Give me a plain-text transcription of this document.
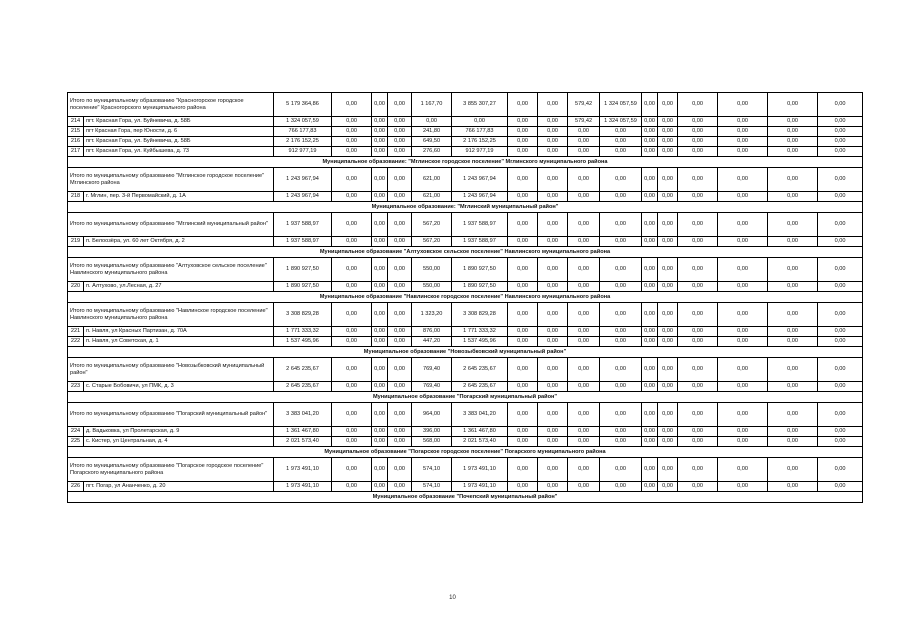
Итого по муниципальному образованию "Красногорское городское поселение" Красногорского муниципального района		5 179 364,86	0,00	0,00	0,00	1 167,70	3 855 307,27	0,00	0,00	579,42	1 324 057,59	0,00	0,00	0,00	0,00	0,00	0,00
214	пгт. Красная Гора, ул. Буйневича, д. 58Б	1 324 057,59	0,00	0,00	0,00	0,00	0,00	0,00	0,00	579,42	1 324 057,59	0,00	0,00	0,00	0,00	0,00	0,00
215	пгт Красная Гора, пер Юности, д. 6	766 177,83	0,00	0,00	0,00	241,80	766 177,83	0,00	0,00	0,00	0,00	0,00	0,00	0,00	0,00	0,00	0,00
216	пгт. Красная Гора, ул. Буйневича, д. 58Б	2 176 152,25	0,00	0,00	0,00	649,50	2 176 152,25	0,00	0,00	0,00	0,00	0,00	0,00	0,00	0,00	0,00	0,00
217	пгт. Красная Гора, ул. Куйбышева, д. 73	912 977,19	0,00	0,00	0,00	276,60	912 977,19	0,00	0,00	0,00	0,00	0,00	0,00	0,00	0,00	0,00	0,00
Муниципальное образование: "Мглинское городское поселение" Мглинского муниципального района																	
Итого по муниципальному образованию "Мглинское городское поселение" Мглинского района		1 243 967,94	0,00	0,00	0,00	621,00	1 243 967,94	0,00	0,00	0,00	0,00	0,00	0,00	0,00	0,00	0,00	0,00
218	г. Мглин, пер. 3-й Первомайский, д. 1А	1 243 967,94	0,00	0,00	0,00	621,00	1 243 967,94	0,00	0,00	0,00	0,00	0,00	0,00	0,00	0,00	0,00	0,00
Муниципальное образование: "Мглинский муниципальный район"																	
Итого по муниципальному образованию "Мглинский муниципальный район"		1 937 588,97	0,00	0,00	0,00	567,20	1 937 588,97	0,00	0,00	0,00	0,00	0,00	0,00	0,00	0,00	0,00	0,00
219	п. Белоозёра, ул. 60 лет Октября, д. 2	1 937 588,97	0,00	0,00	0,00	567,20	1 937 588,97	0,00	0,00	0,00	0,00	0,00	0,00	0,00	0,00	0,00	0,00
Муниципальное образование "Алтуховское сельское поселение" Навлинского муниципального района																	
Итого по муниципальному образованию "Алтуховское сельское поселение" Навлинского муниципального района		1 890 927,50	0,00	0,00	0,00	550,00	1 890 927,50	0,00	0,00	0,00	0,00	0,00	0,00	0,00	0,00	0,00	0,00
220	п. Алтухово, ул.Лесная, д. 27	1 890 927,50	0,00	0,00	0,00	550,00	1 890 927,50	0,00	0,00	0,00	0,00	0,00	0,00	0,00	0,00	0,00	0,00
Муниципальное образование "Навлинское городское поселение" Навлинского муниципального района																	
Итого по муниципальному образованию "Навлинское городское поселение" Навлинского муниципального района		3 308 829,28	0,00	0,00	0,00	1 323,20	3 308 829,28	0,00	0,00	0,00	0,00	0,00	0,00	0,00	0,00	0,00	0,00
221	п. Навля, ул Красных Партизан, д. 70А	1 771 333,32	0,00	0,00	0,00	876,00	1 771 333,32	0,00	0,00	0,00	0,00	0,00	0,00	0,00	0,00	0,00	0,00
222	п. Навля, ул Советская, д. 1	1 537 495,96	0,00	0,00	0,00	447,20	1 537 495,96	0,00	0,00	0,00	0,00	0,00	0,00	0,00	0,00	0,00	0,00
Муниципальное образование "Новозыбковский муниципальный район"																	
Итого по муниципальному образованию "Новозыбковский муниципальный район"		2 645 235,67	0,00	0,00	0,00	769,40	2 645 235,67	0,00	0,00	0,00	0,00	0,00	0,00	0,00	0,00	0,00	0,00
223	с. Старые Бобовичи, ул ПМК, д. 3	2 645 235,67	0,00	0,00	0,00	769,40	2 645 235,67	0,00	0,00	0,00	0,00	0,00	0,00	0,00	0,00	0,00	0,00
Муниципальное образование "Погарский муниципальный район"																	
Итого по муниципальному образованию "Погарский муниципальный район"		3 383 041,20	0,00	0,00	0,00	964,00	3 383 041,20	0,00	0,00	0,00	0,00	0,00	0,00	0,00	0,00	0,00	0,00
224	д. Вадьковка, ул Пролетарская, д. 9	1 361 467,80	0,00	0,00	0,00	396,00	1 361 467,80	0,00	0,00	0,00	0,00	0,00	0,00	0,00	0,00	0,00	0,00
225	с. Кистер, ул Центральная, д. 4	2 021 573,40	0,00	0,00	0,00	568,00	2 021 573,40	0,00	0,00	0,00	0,00	0,00	0,00	0,00	0,00	0,00	0,00
Муниципальное образование "Погарское городское поселение" Погарского муниципального района																	
Итого по муниципальному образованию "Погарское городское поселение" Погарского муниципального района		1 973 491,10	0,00	0,00	0,00	574,10	1 973 491,10	0,00	0,00	0,00	0,00	0,00	0,00	0,00	0,00	0,00	0,00
226	пгт. Погар, ул Ананченко, д. 20	1 973 491,10	0,00	0,00	0,00	574,10	1 973 491,10	0,00	0,00	0,00	0,00	0,00	0,00	0,00	0,00	0,00	0,00
Муниципальное образование "Почепский муниципальный район"																	
10
